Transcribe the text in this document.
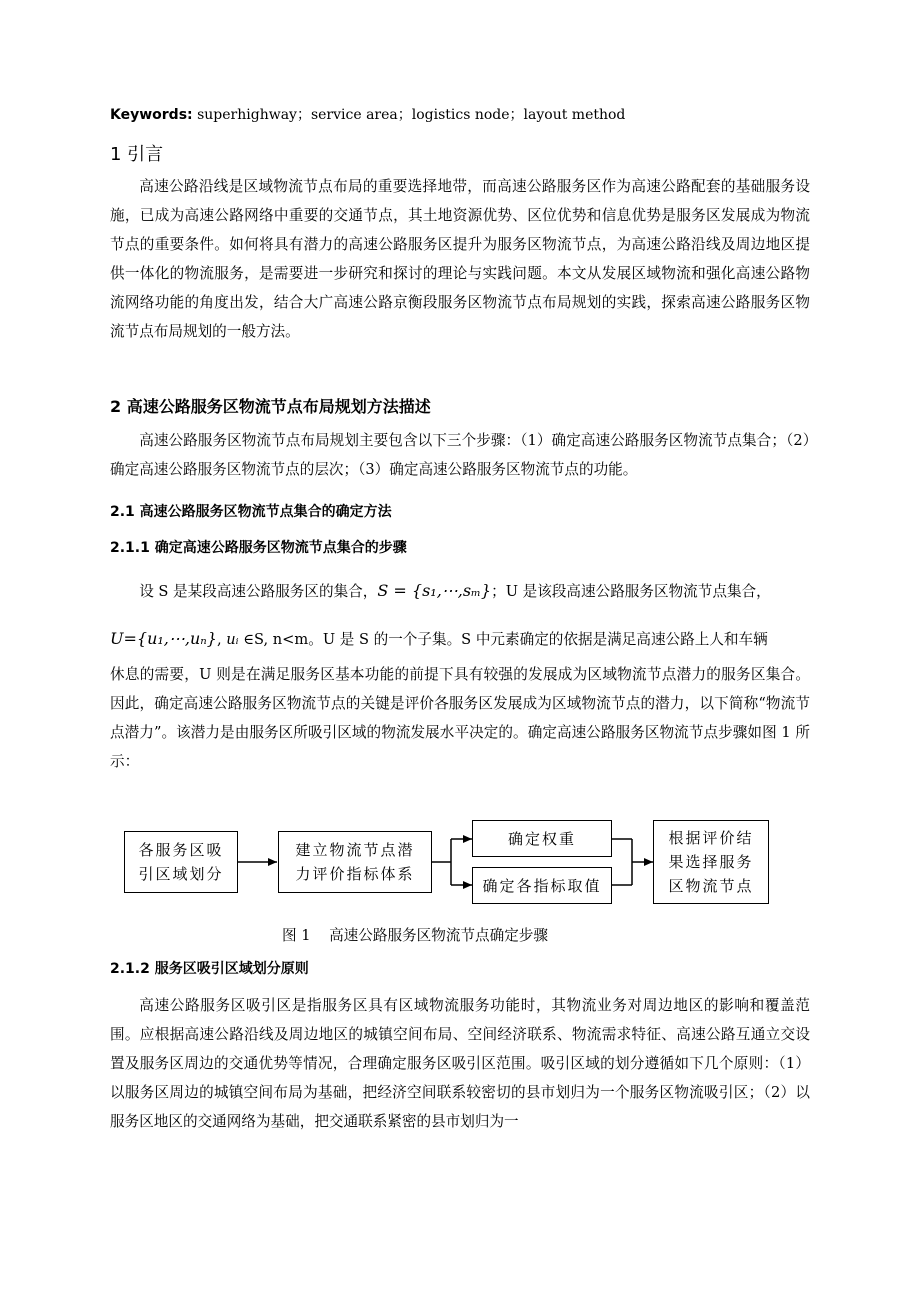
Keywords: superhighway；service area；logistics node；layout method
1 引言
高速公路沿线是区域物流节点布局的重要选择地带，而高速公路服务区作为高速公路配套的基础服务设施，已成为高速公路网络中重要的交通节点，其土地资源优势、区位优势和信息优势是服务区发展成为物流节点的重要条件。如何将具有潜力的高速公路服务区提升为服务区物流节点，为高速公路沿线及周边地区提供一体化的物流服务，是需要进一步研究和探讨的理论与实践问题。本文从发展区域物流和强化高速公路物流网络功能的角度出发，结合大广高速公路京衡段服务区物流节点布局规划的实践，探索高速公路服务区物流节点布局规划的一般方法。
2 高速公路服务区物流节点布局规划方法描述
高速公路服务区物流节点布局规划主要包含以下三个步骤：（1）确定高速公路服务区物流节点集合；（2）确定高速公路服务区物流节点的层次；（3）确定高速公路服务区物流节点的功能。
2.1 高速公路服务区物流节点集合的确定方法
2.1.1 确定高速公路服务区物流节点集合的步骤
设 S 是某段高速公路服务区的集合，S = {s₁,⋯,sₘ}；U 是该段高速公路服务区物流节点集合，
U={u₁,⋯,uₙ}, uᵢ ∈S, n<m。U 是 S 的一个子集。S 中元素确定的依据是满足高速公路上人和车辆
休息的需要，U 则是在满足服务区基本功能的前提下具有较强的发展成为区域物流节点潜力的服务区集合。因此，确定高速公路服务区物流节点的关键是评价各服务区发展成为区域物流节点的潜力，以下简称“物流节点潜力”。该潜力是由服务区所吸引区域的物流发展水平决定的。确定高速公路服务区物流节点步骤如图 1 所示：
各服务区吸引区域划分
建立物流节点潜力评价指标体系
确定权重
确定各指标取值
根据评价结果选择服务区物流节点
图 1    高速公路服务区物流节点确定步骤
2.1.2 服务区吸引区域划分原则
高速公路服务区吸引区是指服务区具有区域物流服务功能时，其物流业务对周边地区的影响和覆盖范围。应根据高速公路沿线及周边地区的城镇空间布局、空间经济联系、物流需求特征、高速公路互通立交设置及服务区周边的交通优势等情况，合理确定服务区吸引区范围。吸引区域的划分遵循如下几个原则：（1）以服务区周边的城镇空间布局为基础，把经济空间联系较密切的县市划归为一个服务区物流吸引区；（2）以服务区地区的交通网络为基础，把交通联系紧密的县市划归为一
